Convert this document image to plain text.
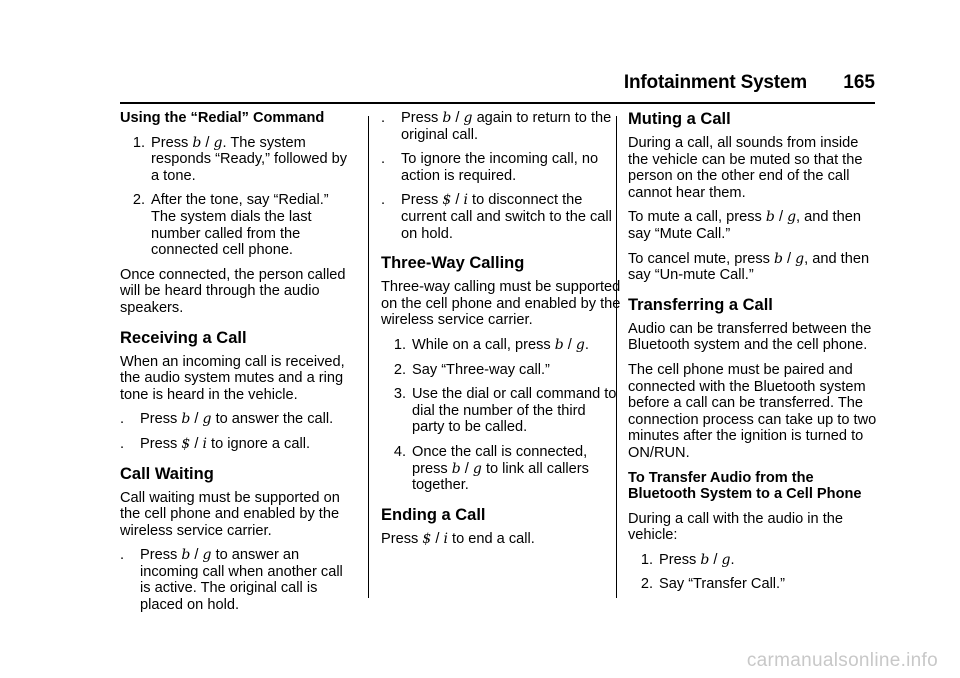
Infotainment System 165
Using the “Redial” Command
1. Press b / g. The system responds “Ready,” followed by a tone.
2. After the tone, say “Redial.” The system dials the last number called from the connected cell phone.

Once connected, the person called will be heard through the audio speakers.

Receiving a Call

When an incoming call is received, the audio system mutes and a ring tone is heard in the vehicle.

.	Press b / g to answer the call.
.	Press $ / i to ignore a call.
Call Waiting

Call waiting must be supported on the cell phone and enabled by the wireless service carrier.

.	Press b / g to answer an incoming call when another call is active. The original call is placed on hold.
.	Press b / g again to return to the original call.
.	To ignore the incoming call, no action is required.
.	Press $ / i to disconnect the current call and switch to the call on hold.
Three-Way Calling

Three-way calling must be supported on the cell phone and enabled by the wireless service carrier.

1. While on a call, press b / g.
2. Say “Three-way call.”
3. Use the dial or call command to dial the number of the third party to be called.
4. Once the call is connected, press b / g to link all callers together.
Ending a Call

Press $ / i to end a call.

Muting a Call

During a call, all sounds from inside the vehicle can be muted so that the person on the other end of the call cannot hear them.

To mute a call, press b / g, and then say “Mute Call.”

To cancel mute, press b / g, and then say “Un-mute Call.”

Transferring a Call

Audio can be transferred between the Bluetooth system and the cell phone.

The cell phone must be paired and connected with the Bluetooth system before a call can be transferred. The connection process can take up to two minutes after the ignition is turned to ON/RUN.

To Transfer Audio from the Bluetooth System to a Cell Phone

During a call with the audio in the vehicle:

1. Press b / g.
2. Say “Transfer Call.”
carmanualsonline.info
